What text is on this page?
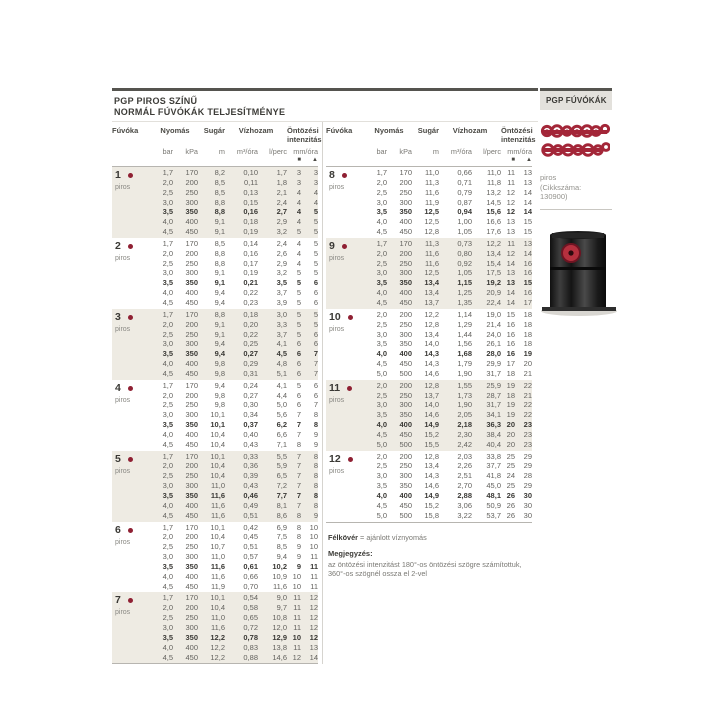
PGP PIROS SZÍNŰ
NORMÁL FÚVÓKÁK TELJESÍTMÉNYE
Fúvóka	Nyomás	Sugár	Vízhozam	Öntözési
intenzitás
bar	kPa	m	m³/óra	l/perc mm/óra
■	▲
1
piros
1,7	170	8,2	0,10	1,7	3	3
2,0	200	8,5	0,11	1,8	3	3
2,5	250	8,5	0,13	2,1	4	4
3,0	300	8,8	0,15	2,4	4	4
3,5	350	8,8	0,16	2,7	4	5
4,0	400	9,1	0,18	2,9	4	5
4,5	450	9,1	0,19	3,2	5	5
2
piros
1,7	170	8,5	0,14	2,4	4	5
2,0	200	8,8	0,16	2,6	4	5
2,5	250	8,8	0,17	2,9	4	5
3,0	300	9,1	0,19	3,2	5	5
3,5	350	9,1	0,21	3,5	5	6
4,0	400	9,4	0,22	3,7	5	6
4,5	450	9,4	0,23	3,9	5	6
3
piros
1,7	170	8,8	0,18	3,0	5	5
2,0	200	9,1	0,20	3,3	5	5
2,5	250	9,1	0,22	3,7	5	6
3,0	300	9,4	0,25	4,1	6	6
3,5	350	9,4	0,27	4,5	6	7
4,0	400	9,8	0,29	4,8	6	7
4,5	450	9,8	0,31	5,1	6	7
4
piros
1,7	170	9,4	0,24	4,1	5	6
2,0	200	9,8	0,27	4,4	6	6
2,5	250	9,8	0,30	5,0	6	7
3,0	300	10,1	0,34	5,6	7	8
3,5	350	10,1	0,37	6,2	7	8
4,0	400	10,4	0,40	6,6	7	9
4,5	450	10,4	0,43	7,1	8	9
5
piros
1,7	170	10,1	0,33	5,5	7	8
2,0	200	10,4	0,36	5,9	7	8
2,5	250	10,4	0,39	6,5	7	8
3,0	300	11,0	0,43	7,2	7	8
3,5	350	11,6	0,46	7,7	7	8
4,0	400	11,6	0,49	8,1	7	8
4,5	450	11,6	0,51	8,6	8	9
6
piros
1,7	170	10,1	0,42	6,9	8	10
2,0	200	10,4	0,45	7,5	8	10
2,5	250	10,7	0,51	8,5	9	10
3,0	300	11,0	0,57	9,4	9	11
3,5	350	11,6	0,61	10,2	9	11
4,0	400	11,6	0,66	10,9 10	11
4,5	450	11,9	0,70	11,6 10	11
7
piros
1,7	170	10,1	0,54	9,0 11	12
2,0	200	10,4	0,58	9,7 11	12
2,5	250	11,0	0,65	10,8 11	12
3,0	300	11,6	0,72	12,0 11	12
3,5	350	12,2	0,78	12,9 10	12
4,0	400	12,2	0,83	13,8 11	13
4,5	450	12,2	0,88	14,6 12	14
Fúvóka	Nyomás	Sugár	Vízhozam	Öntözési
intenzitás
bar	kPa	m	m³/óra	l/perc mm/óra
■	▲
8
piros
1,7	170	11,0	0,66	11,0 11	13
2,0	200	11,3	0,71	11,8 11	13
2,5	250	11,6	0,79	13,2 12	14
3,0	300	11,9	0,87	14,5 12	14
3,5	350	12,5	0,94	15,6 12	14
4,0	400	12,5	1,00	16,6 13	15
4,5	450	12,8	1,05	17,6 13	15
9
piros
1,7	170	11,3	0,73	12,2 11	13
2,0	200	11,6	0,80	13,4 12	14
2,5	250	11,6	0,92	15,4 14	16
3,0	300	12,5	1,05	17,5 13	16
3,5	350	13,4	1,15	19,2 13	15
4,0	400	13,4	1,25	20,9 14	16
4,5	450	13,7	1,35	22,4 14	17
10
piros
2,0	200	12,2	1,14	19,0 15	18
2,5	250	12,8	1,29	21,4 16	18
3,0	300	13,4	1,44	24,0 16	18
3,5	350	14,0	1,56	26,1 16	18
4,0	400	14,3	1,68	28,0 16	19
4,5	450	14,3	1,79	29,9 17	20
5,0	500	14,6	1,90	31,7 18	21
11
piros
2,0	200	12,8	1,55	25,9 19	22
2,5	250	13,7	1,73	28,7 18	21
3,0	300	14,0	1,90	31,7 19	22
3,5	350	14,6	2,05	34,1 19	22
4,0	400	14,9	2,18	36,3 20	23
4,5	450	15,2	2,30	38,4 20	23
5,0	500	15,5	2,42	40,4 20	23
12
piros
2,0	200	12,8	2,03	33,8 25	29
2,5	250	13,4	2,26	37,7 25	29
3,0	300	14,3	2,51	41,8 24	28
3,5	350	14,6	2,70	45,0 25	29
4,0	400	14,9	2,88	48,1 26	30
4,5	450	15,2	3,06	50,9 26	30
5,0	500	15,8	3,22	53,7 26	30
Félkövér = ajánlott víznyomás
Megjegyzés:
az öntözési intenzitást 180°-os öntözési szögre számítottuk,
360°-os szögnél ossza el 2-vel
PGP FÚVÓKÁK
piros
(Cikkszáma:
130900)
